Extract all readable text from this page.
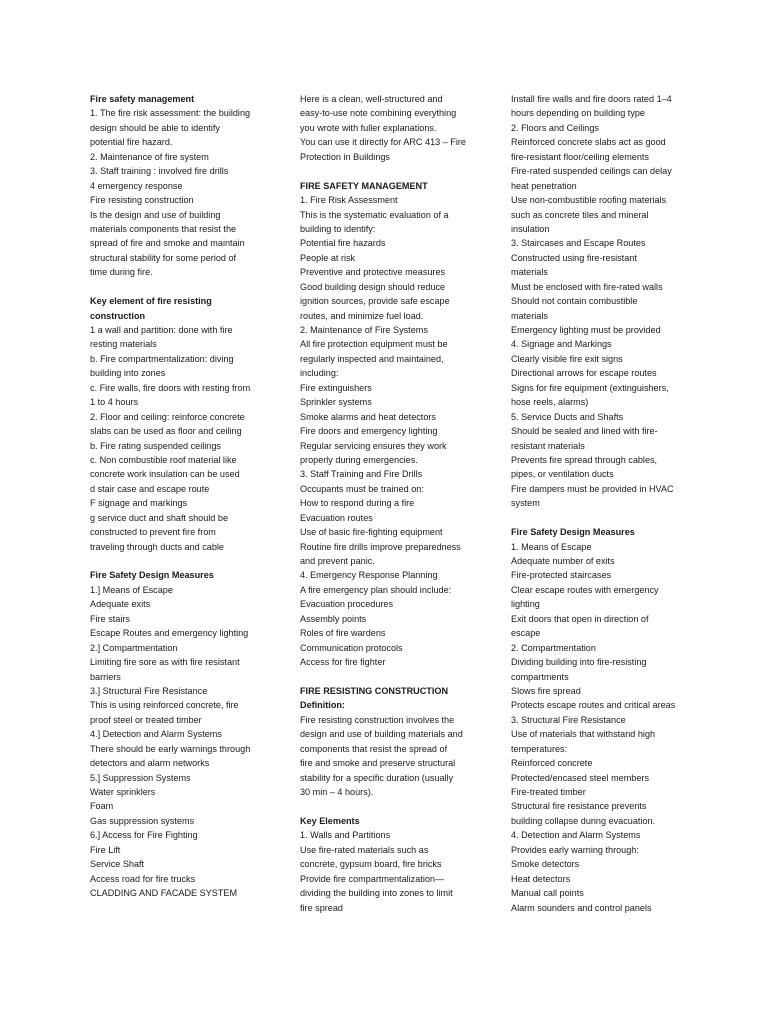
Fire safety management
1. The fire risk assessment: the building
design should be able to identify
potential fire hazard.
2. Maintenance of fire system
3. Staff training : involved fire drills
4 emergency response
Fire resisting construction
Is the design and use of building
materials components that resist the
spread of fire and smoke and maintain
structural stability for some period of
time during fire.
Key element of fire resisting
construction
1 a wall and partition: done with fire
resting materials
b. Fire compartmentalization: diving
building into zones
c. Fire walls, fire doors with resting from
1 to 4 hours
2. Floor and ceiling: reinforce concrete
slabs can be used as floor and ceiling
b. Fire rating suspended ceilings
c. Non combustible roof material like
concrete work insulation can be used
d stair case and escape route
F signage and markings
g service duct and shaft should be
constructed to prevent fire from
traveling through ducts and cable
Fire Safety Design Measures
1.] Means of Escape
Adequate exits
Fire stairs
Escape Routes and emergency lighting
2.] Compartmentation
Limiting fire sore as with fire resistant
barriers
3.] Structural Fire Resistance
This is using reinforced concrete, fire
proof steel or treated timber
4.] Detection and Alarm Systems
There should be early warnings through
detectors and alarm networks
5.] Suppression Systems
Water sprinklers
Foam
Gas suppression systems
6.] Access for Fire Fighting
Fire Lift
Service Shaft
Access road for fire trucks
CLADDING AND FACADE SYSTEM
Here is a clean, well-structured and
easy-to-use note combining everything
you wrote with fuller explanations.
You can use it directly for ARC 413 – Fire
Protection in Buildings
FIRE SAFETY MANAGEMENT
1. Fire Risk Assessment
This is the systematic evaluation of a
building to identify:
Potential fire hazards
People at risk
Preventive and protective measures
Good building design should reduce
ignition sources, provide safe escape
routes, and minimize fuel load.
2. Maintenance of Fire Systems
All fire protection equipment must be
regularly inspected and maintained,
including:
Fire extinguishers
Sprinkler systems
Smoke alarms and heat detectors
Fire doors and emergency lighting
Regular servicing ensures they work
properly during emergencies.
3. Staff Training and Fire Drills
Occupants must be trained on:
How to respond during a fire
Evacuation routes
Use of basic fire-fighting equipment
Routine fire drills improve preparedness
and prevent panic.
4. Emergency Response Planning
A fire emergency plan should include:
Evacuation procedures
Assembly points
Roles of fire wardens
Communication protocols
Access for fire fighter
FIRE RESISTING CONSTRUCTION
Definition:
Fire resisting construction involves the
design and use of building materials and
components that resist the spread of
fire and smoke and preserve structural
stability for a specific duration (usually
30 min – 4 hours).
Key Elements
1. Walls and Partitions
Use fire-rated materials such as
concrete, gypsum board, fire bricks
Provide fire compartmentalization—
dividing the building into zones to limit
fire spread
Install fire walls and fire doors rated 1–4
hours depending on building type
2. Floors and Ceilings
Reinforced concrete slabs act as good
fire-resistant floor/ceiling elements
Fire-rated suspended ceilings can delay
heat penetration
Use non-combustible roofing materials
such as concrete tiles and mineral
insulation
3. Staircases and Escape Routes
Constructed using fire-resistant
materials
Must be enclosed with fire-rated walls
Should not contain combustible
materials
Emergency lighting must be provided
4. Signage and Markings
Clearly visible fire exit signs
Directional arrows for escape routes
Signs for fire equipment (extinguishers,
hose reels, alarms)
5. Service Ducts and Shafts
Should be sealed and lined with fire-
resistant materials
Prevents fire spread through cables,
pipes, or ventilation ducts
Fire dampers must be provided in HVAC
system
Fire Safety Design Measures
1. Means of Escape
Adequate number of exits
Fire-protected staircases
Clear escape routes with emergency
lighting
Exit doors that open in direction of
escape
2. Compartmentation
Dividing building into fire-resisting
compartments
Slows fire spread
Protects escape routes and critical areas
3. Structural Fire Resistance
Use of materials that withstand high
temperatures:
Reinforced concrete
Protected/encased steel members
Fire-treated timber
Structural fire resistance prevents
building collapse during evacuation.
4. Detection and Alarm Systems
Provides early warning through:
Smoke detectors
Heat detectors
Manual call points
Alarm sounders and control panels
